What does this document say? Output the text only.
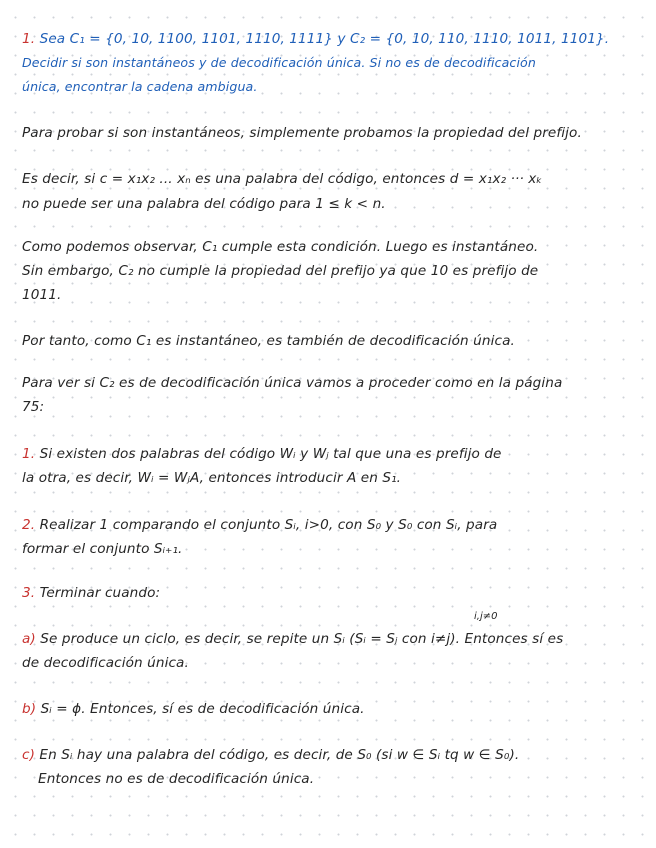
1. Sea C₁ = {0, 10, 1100, 1101, 1110, 1111} y C₂ = {0, 10, 110, 1110, 1011, 1101}.
Decidir si son instantáneos y de decodificación única. Si no es de decodificación
única, encontrar la cadena ambigua.
Para probar si son instantáneos, simplemente probamos la propiedad del prefijo.
Es decir, si c = x₁x₂ ... xₙ es una palabra del código, entonces d = x₁x₂ ··· xₖ
no puede ser una palabra del código para 1 ≤ k < n.
Como podemos observar, C₁ cumple esta condición. Luego es instantáneo.
Sin embargo, C₂ no cumple la propiedad del prefijo ya que 10 es prefijo de
1011.
Por tanto, como C₁ es instantáneo, es también de decodificación única.
Para ver si C₂ es de decodificación única vamos a proceder como en la página
75:
1. Si existen dos palabras del código Wᵢ y Wⱼ tal que una es prefijo de
la otra, es decir, Wᵢ = WⱼA, entonces introducir A en S₁.
2. Realizar 1 comparando el conjunto Sᵢ, i>0, con S₀ y S₀ con Sᵢ, para
formar el conjunto Sᵢ₊₁.
3. Terminar cuando:
i,j≠0
a) Se produce un ciclo, es decir, se repite un Sᵢ (Sᵢ = Sⱼ con i≠j). Entonces sí es
de decodificación única.
b) Sᵢ = ϕ. Entonces, sí es de decodificación única.
c) En Sᵢ hay una palabra del código, es decir, de S₀ (si w ∈ Sᵢ tq w ∈ S₀).
Entonces no es de decodificación única.
